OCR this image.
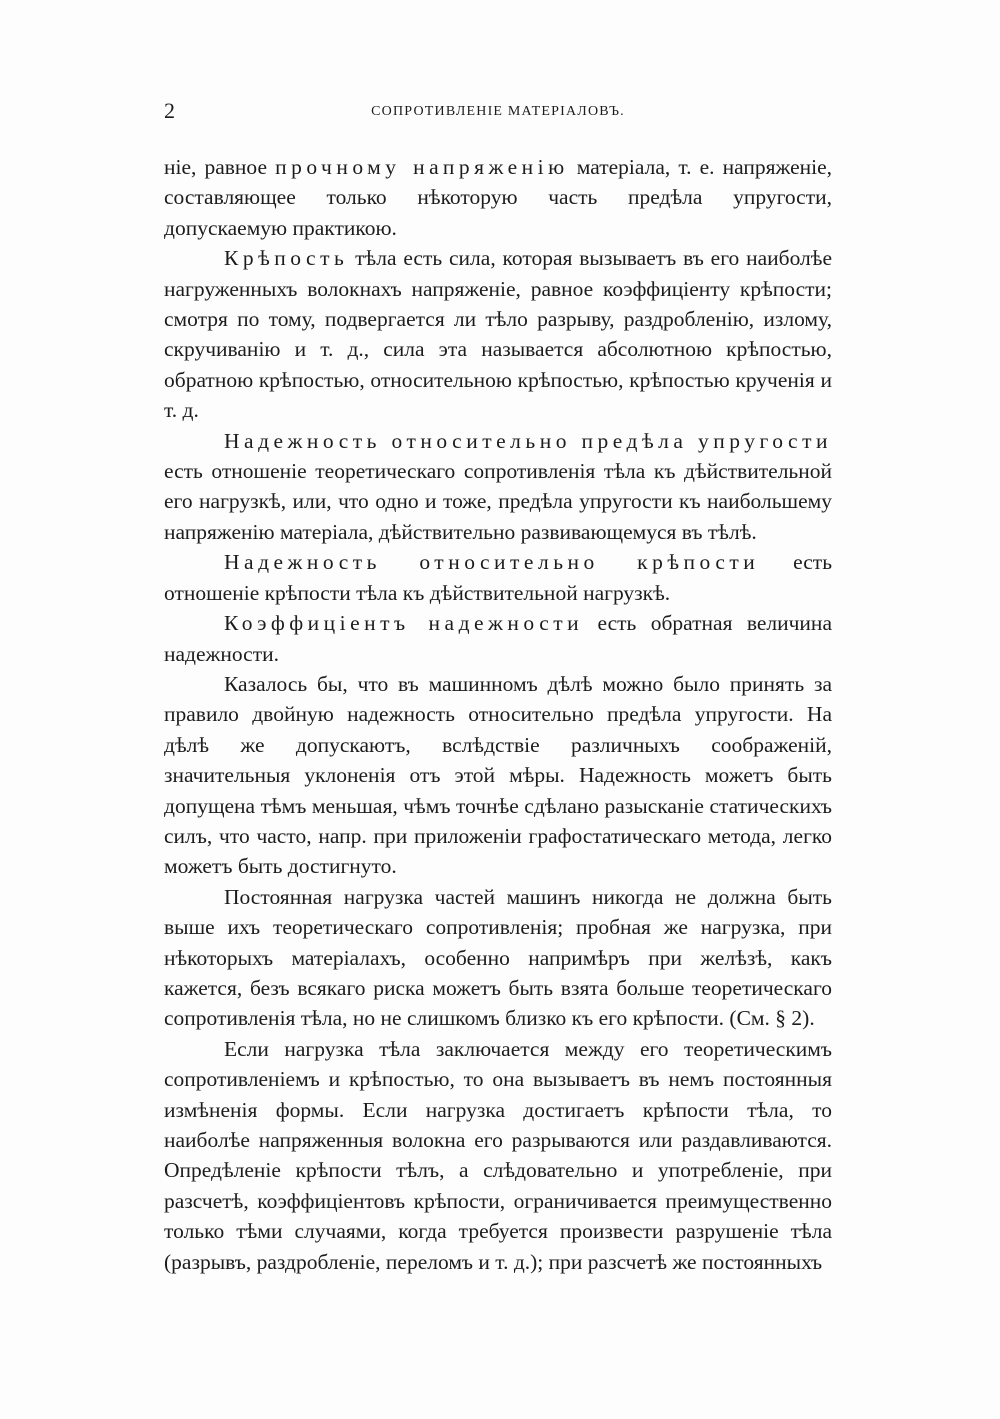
2	СОПРОТИВЛЕНІЕ МАТЕРІАЛОВЪ.

ніе, равное прочному напряженію матеріала, т. е. напряженіе, составляющее только нѣкоторую часть предѣла упругости, допускаемую практикою.

Крѣпость тѣла есть сила, которая вызываетъ въ его наиболѣе нагруженныхъ волокнахъ напряженіе, равное коэффиціенту крѣпости; смотря по тому, подвергается ли тѣло разрыву, раздробленію, излому, скручиванію и т. д., сила эта называется абсолютною крѣпостью, обратною крѣпостью, относительною крѣпостью, крѣпостью крученія и т. д.

Надежность относительно предѣла упругости есть отношеніе теоретическаго сопротивленія тѣла къ дѣйствительной его нагрузкѣ, или, что одно и тоже, предѣла упругости къ наибольшему напряженію матеріала, дѣйствительно развивающемуся въ тѣлѣ.

Надежность относительно крѣпости есть отношеніе крѣпости тѣла къ дѣйствительной нагрузкѣ.

Коэффиціентъ надежности есть обратная величина надежности.

Казалось бы, что въ машинномъ дѣлѣ можно было принять за правило двойную надежность относительно предѣла упругости. На дѣлѣ же допускаютъ, вслѣдствіе различныхъ соображеній, значительныя уклоненія отъ этой мѣры. Надежность можетъ быть допущена тѣмъ меньшая, чѣмъ точнѣе сдѣлано разысканіе статическихъ силъ, что часто, напр. при приложеніи графостатическаго метода, легко можетъ быть достигнуто.

Постоянная нагрузка частей машинъ никогда не должна быть выше ихъ теоретическаго сопротивленія; пробная же нагрузка, при нѣкоторыхъ матеріалахъ, особенно напримѣръ при желѣзѣ, какъ кажется, безъ всякаго риска можетъ быть взята больше теоретическаго сопротивленія тѣла, но не слишкомъ близко къ его крѣпости. (См. § 2).

Если нагрузка тѣла заключается между его теоретическимъ сопротивленіемъ и крѣпостью, то она вызываетъ въ немъ постоянныя измѣненія формы. Если нагрузка достигаетъ крѣпости тѣла, то наиболѣе напряженныя волокна его разрываются или раздавливаются. Опредѣленіе крѣпости тѣлъ, а слѣдовательно и употребленіе, при разсчетѣ, коэффиціентовъ крѣпости, ограничивается преимущественно только тѣми случаями, когда требуется произвести разрушеніе тѣла (разрывъ, раздробленіе, переломъ и т. д.); при разсчетѣ же постоянныхъ
